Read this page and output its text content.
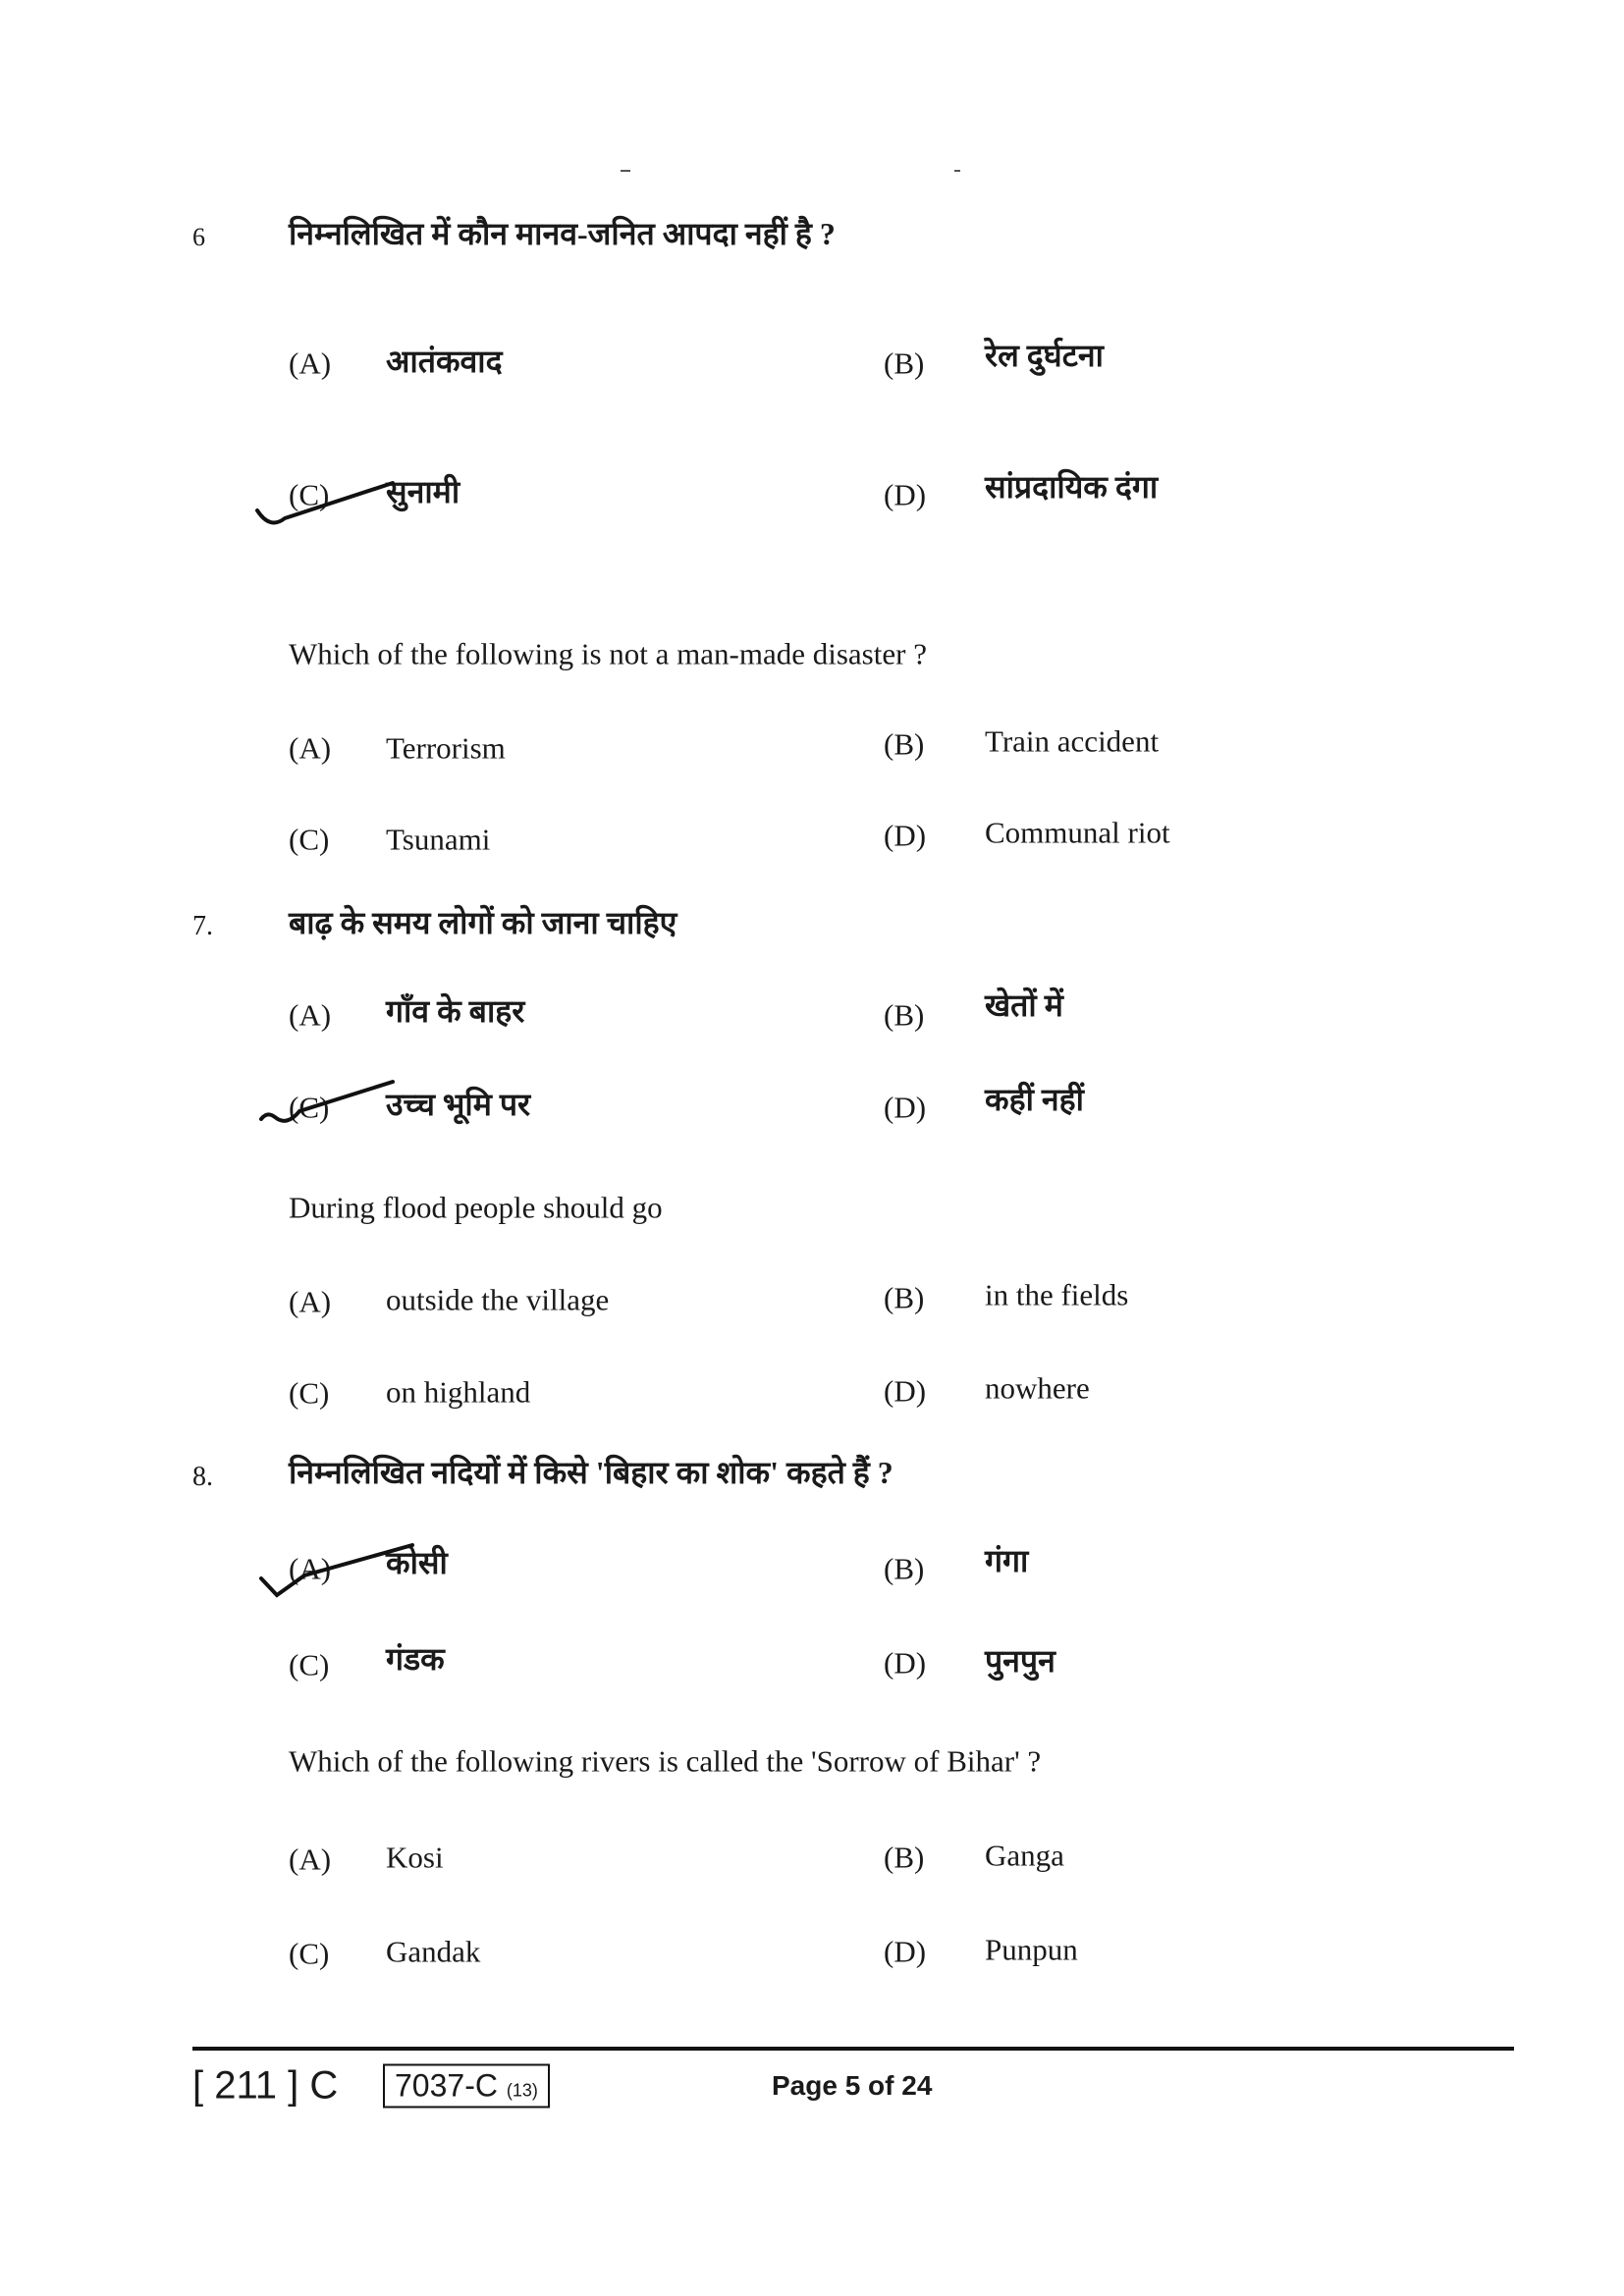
6	निम्नलिखित में कौन मानव-जनित आपदा नहीं है ?
(A) आतंकवाद	(B) रेल दुर्घटना
(C) सुनामी	(D) सांप्रदायिक दंगा
Which of the following is not a man-made disaster ?
(A) Terrorism	(B) Train accident
(C) Tsunami	(D) Communal riot
7. बाढ़ के समय लोगों को जाना चाहिए
(A) गाँव के बाहर	(B) खेतों में
(C) उच्च भूमि पर	(D) कहीं नहीं
During flood people should go
(A) outside the village	(B) in the fields
(C) on highland	(D) nowhere
8. निम्नलिखित नदियों में किसे 'बिहार का शोक' कहते हैं ?
(A) कोसी	(B) गंगा
(C) गंडक	(D) पुनपुन
Which of the following rivers is called the 'Sorrow of Bihar' ?
(A) Kosi	(B) Ganga
(C) Gandak	(D) Punpun
[ 211 ] C	7037-C (13)	Page 5 of 24
